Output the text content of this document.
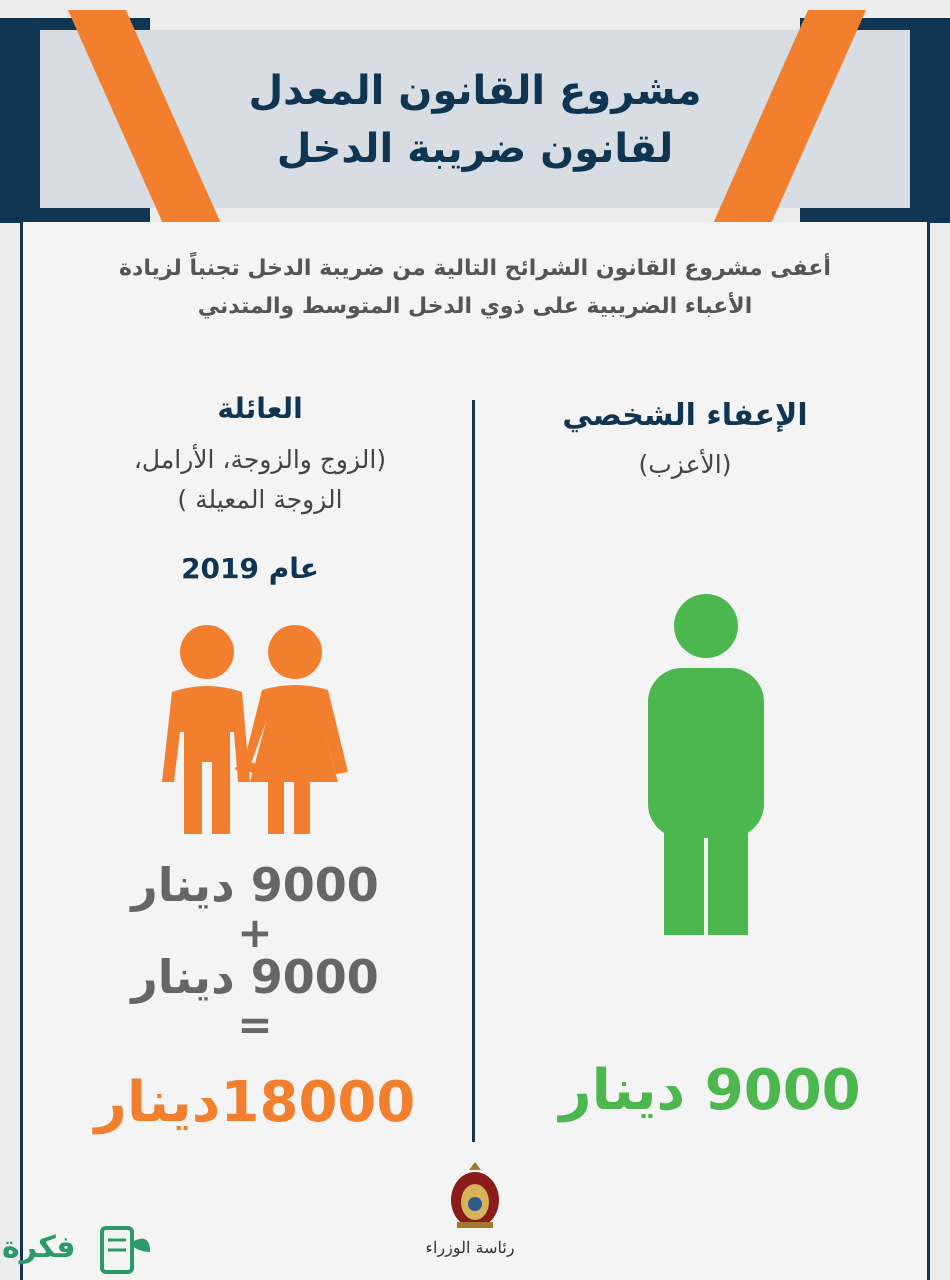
مشروع القانون المعدل
لقانون ضريبة الدخل
أعفى مشروع القانون الشرائح التالية من ضريبة الدخل تجنباً لزيادة
الأعباء الضريبية على ذوي الدخل المتوسط والمتدني
الإعفاء الشخصي
(الأعزب)
9000 دينار
العائلة
(الزوج والزوجة، الأرامل،
الزوجة المعيلة )
عام 2019
9000 دينار
+
9000 دينار
=
18000دينار
رئاسة الوزراء
فكرة
